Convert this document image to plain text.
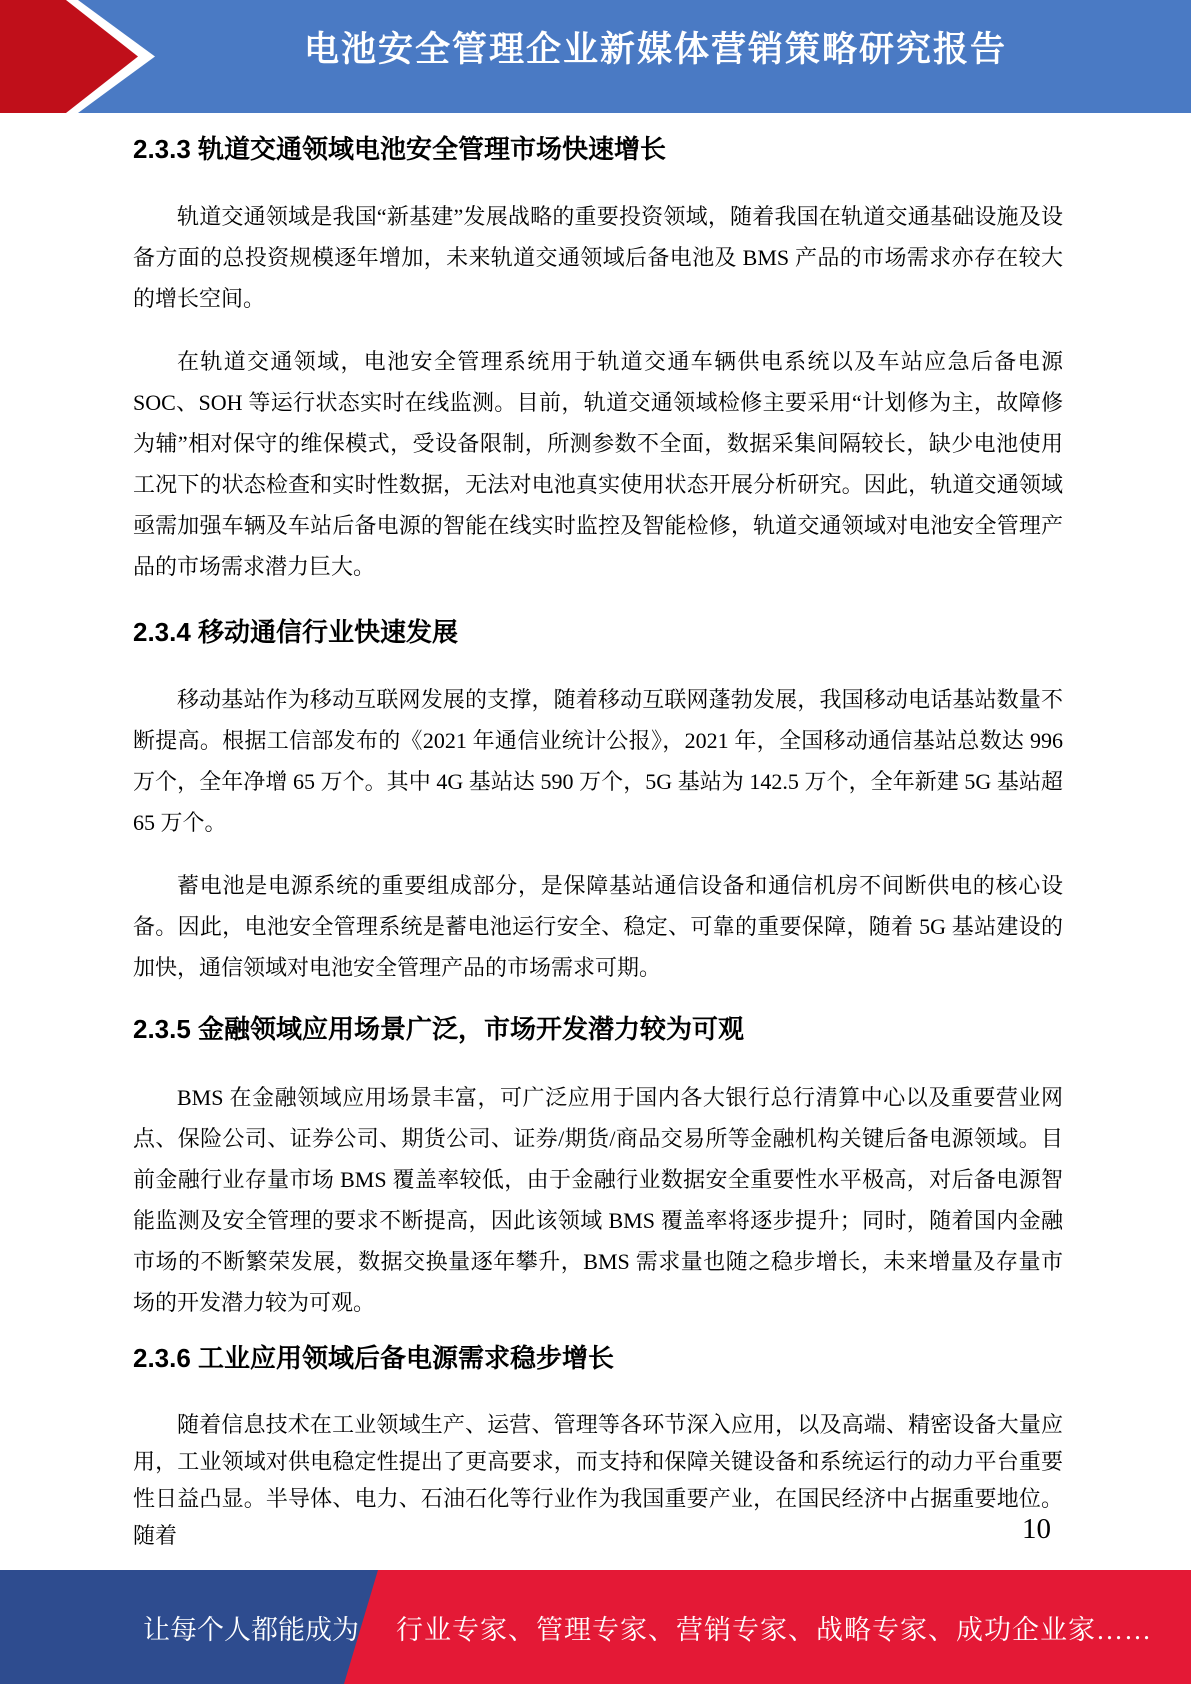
电池安全管理企业新媒体营销策略研究报告
2.3.3 轨道交通领域电池安全管理市场快速增长

轨道交通领域是我国“新基建”发展战略的重要投资领域，随着我国在轨道交通基础设施及设备方面的总投资规模逐年增加，未来轨道交通领域后备电池及 BMS 产品的市场需求亦存在较大的增长空间。

在轨道交通领域，电池安全管理系统用于轨道交通车辆供电系统以及车站应急后备电源 SOC、SOH 等运行状态实时在线监测。目前，轨道交通领域检修主要采用“计划修为主，故障修为辅”相对保守的维保模式，受设备限制，所测参数不全面，数据采集间隔较长，缺少电池使用工况下的状态检查和实时性数据，无法对电池真实使用状态开展分析研究。因此，轨道交通领域亟需加强车辆及车站后备电源的智能在线实时监控及智能检修，轨道交通领域对电池安全管理产品的市场需求潜力巨大。

2.3.4 移动通信行业快速发展

移动基站作为移动互联网发展的支撑，随着移动互联网蓬勃发展，我国移动电话基站数量不断提高。根据工信部发布的《2021 年通信业统计公报》，2021 年，全国移动通信基站总数达 996 万个，全年净增 65 万个。其中 4G 基站达 590 万个，5G 基站为 142.5 万个，全年新建 5G 基站超 65 万个。

蓄电池是电源系统的重要组成部分，是保障基站通信设备和通信机房不间断供电的核心设备。因此，电池安全管理系统是蓄电池运行安全、稳定、可靠的重要保障，随着 5G 基站建设的加快，通信领域对电池安全管理产品的市场需求可期。

2.3.5 金融领域应用场景广泛，市场开发潜力较为可观

BMS 在金融领域应用场景丰富，可广泛应用于国内各大银行总行清算中心以及重要营业网点、保险公司、证券公司、期货公司、证券/期货/商品交易所等金融机构关键后备电源领域。目前金融行业存量市场 BMS 覆盖率较低，由于金融行业数据安全重要性水平极高，对后备电源智能监测及安全管理的要求不断提高，因此该领域 BMS 覆盖率将逐步提升；同时，随着国内金融市场的不断繁荣发展，数据交换量逐年攀升，BMS 需求量也随之稳步增长，未来增量及存量市场的开发潜力较为可观。

2.3.6 工业应用领域后备电源需求稳步增长

随着信息技术在工业领域生产、运营、管理等各环节深入应用，以及高端、精密设备大量应用，工业领域对供电稳定性提出了更高要求，而支持和保障关键设备和系统运行的动力平台重要性日益凸显。半导体、电力、石油石化等行业作为我国重要产业，在国民经济中占据重要地位。随着	10
让每个人都能成为 行业专家、管理专家、营销专家、战略专家、成功企业家……
